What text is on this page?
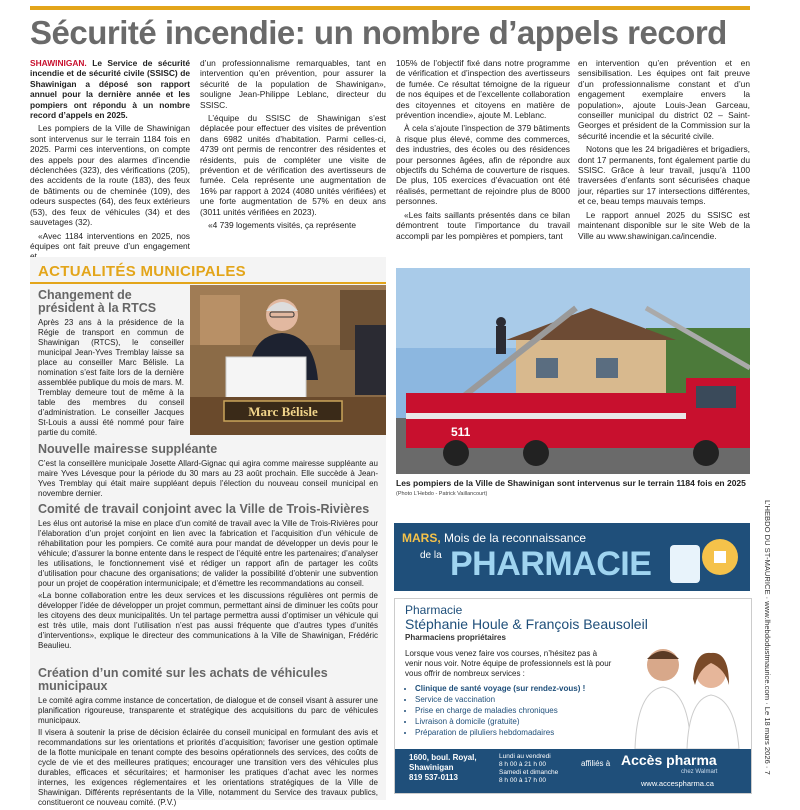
Sécurité incendie: un nombre d’appels record

SHAWINIGAN. Le Service de sécurité incendie et de sécurité civile (SSISC) de Shawinigan a déposé son rapport annuel pour la dernière année et les pompiers ont répondu à un nombre record d’appels en 2025.

Les pompiers de la Ville de Shawinigan sont intervenus sur le terrain 1184 fois en 2025. Parmi ces interventions, on compte des appels pour des alarmes d’incendie déclenchées (323), des vérifications (205), des accidents de la route (183), des feux de bâtiments ou de cheminée (109), des odeurs suspectes (64), des feux extérieurs (53), des feux de véhicules (34) et des sauvetages (32).

«Avec 1184 interventions en 2025, nos équipes ont fait preuve d’un engagement

d’un professionnalisme remarquables, tant en intervention qu’en prévention, pour assurer la sécurité de la population de Shawinigan», souligne Jean-Philippe Leblanc, directeur du SSISC.

L’équipe du SSISC de Shawinigan s’est déplacée pour effectuer des visites de prévention dans 6982 unités d’habitation. Parmi celles-ci, 4739 ont permis de rencontrer des résidentes et résidents, puis de compléter une visite de prévention et de vérification des avertisseurs de fumée. Cela représente une augmentation de 16% par rapport à 2024 (4080 unités vérifiées) et une forte augmentation de 57% en deux ans (3011 unités vérifiées en 2023).

«4 739 logements visités, ça représente

105% de l’objectif fixé dans notre programme de vérification et d’inspection des avertisseurs de fumée. Ce résultat témoigne de la rigueur de nos équipes et de l’excellente collaboration des citoyennes et citoyens en matière de prévention incendie», ajoute M. Leblanc.

À cela s’ajoute l’inspection de 379 bâtiments à risque plus élevé, comme des commerces, des industries, des écoles ou des résidences pour personnes âgées, afin de répondre aux objectifs du Schéma de couverture de risques. De plus, 105 exercices d’évacuation ont été réalisés, permettant de rejoindre plus de 8000 personnes.

«Les faits saillants présentés dans ce bilan démontrent toute l’importance du travail accompli par les pompières et pompiers, tant

en intervention qu’en prévention et en sensibilisation. Les équipes ont fait preuve d’un professionnalisme constant et d’un engagement exemplaire envers la population», ajoute Louis-Jean Garceau, conseiller municipal du district 02 – Saint-Georges et président de la Commission sur la sécurité incendie et la sécurité civile.

Notons que les 24 brigadières et brigadiers, dont 17 permanents, font également partie du SSISC. Grâce à leur travail, jusqu’à 1100 traversées d’enfants sont sécurisées chaque jour, réparties sur 17 intersections différentes, et ce, beau temps mauvais temps.

Le rapport annuel 2025 du SSISC est maintenant disponible sur le site Web de la Ville au www.shawinigan.ca/incendie.

ACTUALITÉS MUNICIPALES

Changement de président à la RTCS

Après 23 ans à la présidence de la Régie de transport en commun de Shawinigan (RTCS), le conseiller municipal Jean-Yves Tremblay laisse sa place au conseiller Marc Bélisle. La nomination s’est faite lors de la dernière assemblée publique du mois de mars. M. Tremblay demeure tout de même à la table des membres du conseil d’administration. Le conseiller Jacques St-Louis a aussi été nommé pour faire partie du comité.

Marc Bélisle

Nouvelle mairesse suppléante

C’est la conseillère municipale Josette Allard-Gignac qui agira comme mairesse suppléante au maire Yves Lévesque pour la période du 30 mars au 23 août prochain. Elle succède à Jean-Yves Tremblay qui était maire suppléant depuis l’élection du nouveau conseil municipal en novembre dernier.

Comité de travail conjoint avec la Ville de Trois-Rivières

Les élus ont autorisé la mise en place d’un comité de travail avec la Ville de Trois-Rivières pour l’élaboration d’un projet conjoint en lien avec la fabrication et l’acquisition d’un véhicule de réhabilitation pour les pompiers. Ce comité aura pour mandat de développer un devis pour le véhicule; d’assurer la bonne entente dans le respect de l’équité entre les partenaires; d’analyser les utilisations, le fonctionnement visé et rédiger un rapport afin de partager les coûts d’utilisation pour chacune des organisations; de valider la possibilité d’obtenir une subvention pour un projet de coopération intermunicipale; et d’émettre les recommandations au conseil.

«La bonne collaboration entre les deux services et les discussions régulières ont permis de développer l’idée de développer un projet commun, permettant ainsi de diminuer les coûts pour les citoyens des deux municipalités. Un tel partage permettra aussi d’optimiser un véhicule qui est très utile, mais dont l’utilisation n’est pas aussi fréquente que d’autres types d’unités d’interventions», explique le directeur des communications à la Ville de Shawinigan, Frédéric Beaulieu.

Création d’un comité sur les achats de véhicules municipaux

Le comité agira comme instance de concertation, de dialogue et de conseil visant à assurer une planification rigoureuse, transparente et stratégique des acquisitions du parc de véhicules municipaux.

Il visera à soutenir la prise de décision éclairée du conseil municipal en formulant des avis et recommandations sur les orientations et priorités d’acquisition; favoriser une gestion optimale de la flotte municipale en tenant compte des besoins opérationnels des services, des coûts de cycle de vie et des meilleures pratiques; encourager une transition vers des véhicules plus durables, efficaces et sécuritaires; et harmoniser les pratiques d’achat avec les normes internes, les exigences réglementaires et les orientations stratégiques de la Ville de Shawinigan. Différents représentants de la Ville, notamment du Service des travaux publics, constitueront ce nouveau comité. (P.V.)

511
Les pompiers de la Ville de Shawinigan sont intervenus sur le terrain 1184 fois en 2025
(Photo L’Hebdo - Patrick Vaillancourt)
MARS, Mois de la reconnaissance
de la PHARMACIE
Pharmacie
Stéphanie Houle & François Beausoleil
Pharmaciens propriétaires
Lorsque vous venez faire vos courses, n’hésitez pas à venir nous voir. Notre équipe de professionnels est là pour vous offrir de nombreux services :
• Clinique de santé voyage (sur rendez-vous) !
• Service de vaccination
• Prise en charge de maladies chroniques
• Livraison à domicile (gratuite)
• Préparation de piluliers hebdomadaires
1600, boul. Royal,
Shawinigan
819 537-0113
Lundi au vendredi
8 h 00 à 21 h 00
Samedi et dimanche
8 h 00 à 17 h 00
affiliés à Accès pharma
chez Walmart
www.accespharma.ca
L’HEBDO DU ST-MAURICE · www.lhebdodustmaurice.com · Le 18 mars 2026 · 7
